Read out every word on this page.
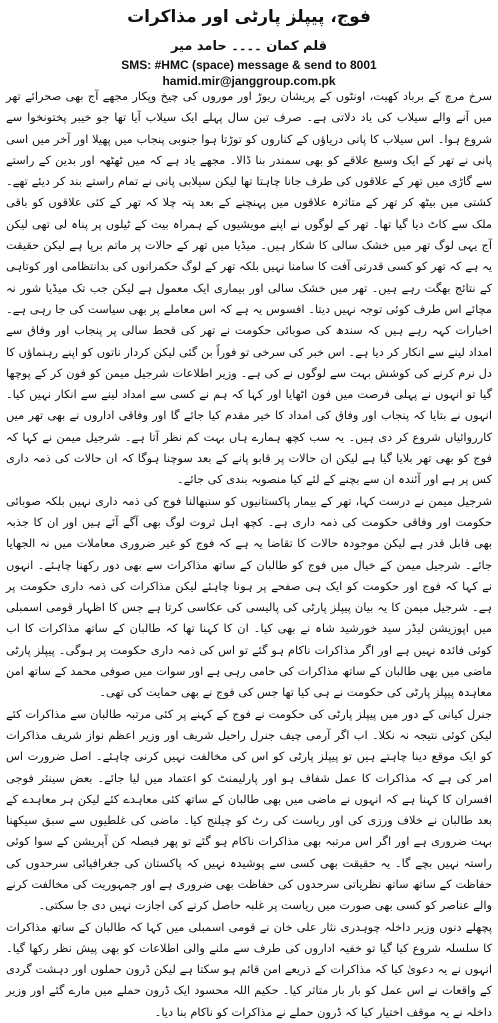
فوج، پیپلز پارٹی اور مذاکرات
قلم کمان ۔۔۔۔ حامد میر
SMS: #HMC (space) message & send to 8001
hamid.mir@janggroup.com.pk

سرخ مرچ کے برباد کھیت، اونٹوں کے پریشان ریوڑ اور موروں کی چیخ وپکار مجھے آج بھی صحرائے تھر میں آنے والے سیلاب کی یاد دلاتی ہے۔ صرف تین سال پہلے ایک سیلاب آیا تھا جو خیبر پختونخوا سے شروع ہوا۔ اس سیلاب کا پانی دریاؤں کے کناروں کو توڑتا ہوا جنوبی پنجاب میں پھیلا اور آخر میں اسی پانی نے تھر کے ایک وسیع علاقے کو بھی سمندر بنا ڈالا۔ مجھے یاد ہے کہ میں ٹھٹھہ اور بدین کے راستے سے گاڑی میں تھر کے علاقوں کی طرف جانا چاہتا تھا لیکن سیلابی پانی نے تمام راستے بند کر دیئے تھے۔ کشتی میں بیٹھ کر تھر کے متاثرہ علاقوں میں پہنچنے کے بعد پتہ چلا کہ تھر کے کئی علاقوں کو باقی ملک سے کاٹ دیا گیا تھا۔ تھر کے لوگوں نے اپنے مویشیوں کے ہمراہ بیت کے ٹیلوں پر پناہ لی تھی لیکن آج یہی لوگ تھر میں خشک سالی کا شکار ہیں۔ میڈیا میں تھر کے حالات پر ماتم برپا ہے لیکن حقیقت یہ ہے کہ تھر کو کسی قدرتی آفت کا سامنا نہیں بلکہ تھر کے لوگ حکمرانوں کی بدانتظامی اور کوتاہی کے نتائج بھگت رہے ہیں۔ تھر میں خشک سالی اور بیماری ایک معمول ہے لیکن جب تک میڈیا شور نہ مچائے اس طرف کوئی توجہ نہیں دیتا۔ افسوس یہ ہے کہ اس معاملے پر بھی سیاست کی جا رہی ہے۔ اخبارات کہہ رہے ہیں کہ سندھ کی صوبائی حکومت نے تھر کی قحط سالی پر پنجاب اور وفاق سے امداد لینے سے انکار کر دیا ہے۔ اس خبر کی سرخی تو فوراً بن گئی لیکن کردار ناتوں کو اپنے رہنماؤں کا دل نرم کرنے کی کوشش بہت سے لوگوں نے کی ہے۔ وزیر اطلاعات شرجیل میمن کو فون کر کے پوچھا گیا تو انہوں نے پہلی فرصت میں فون اٹھایا اور کہا کہ ہم نے کسی سے امداد لینے سے انکار نہیں کیا۔ انہوں نے بتایا کہ پنجاب اور وفاق کی امداد کا خیر مقدم کیا جائے گا اور وفاقی اداروں نے بھی تھر میں کارروائیاں شروع کر دی ہیں۔ یہ سب کچھ ہمارے ہاں بہت کم نظر آتا ہے۔ شرجیل میمن نے کہا کہ فوج کو بھی تھر بلایا گیا ہے لیکن ان حالات پر قابو پانے کے بعد سوچنا ہوگا کہ ان حالات کی ذمہ داری کس پر ہے اور آئندہ ان سے بچنے کے لئے کیا منصوبہ بندی کی جائے۔

شرجیل میمن نے درست کہا، تھر کے بیمار پاکستانیوں کو سنبھالنا فوج کی ذمہ داری نہیں بلکہ صوبائی حکومت اور وفاقی حکومت کی ذمہ داری ہے۔ کچھ اہل ثروت لوگ بھی آگے آئے ہیں اور ان کا جذبہ بھی قابل قدر ہے لیکن موجودہ حالات کا تقاضا یہ ہے کہ فوج کو غیر ضروری معاملات میں نہ الجھایا جائے۔ شرجیل میمن کے خیال میں فوج کو طالبان کے ساتھ مذاکرات سے بھی دور رکھنا چاہئے۔ انہوں نے کہا کہ فوج اور حکومت کو ایک ہی صفحے پر ہونا چاہئے لیکن مذاکرات کی ذمہ داری حکومت پر ہے۔ شرجیل میمن کا یہ بیان پیپلز پارٹی کی پالیسی کی عکاسی کرتا ہے جس کا اظہار قومی اسمبلی میں اپوزیشن لیڈر سید خورشید شاہ نے بھی کیا۔ ان کا کہنا تھا کہ طالبان کے ساتھ مذاکرات کا اب کوئی فائدہ نہیں ہے اور اگر مذاکرات ناکام ہو گئے تو اس کی ذمہ داری حکومت پر ہوگی۔ پیپلز پارٹی ماضی میں بھی طالبان کے ساتھ مذاکرات کی حامی رہی ہے اور سوات میں صوفی محمد کے ساتھ امن معاہدہ پیپلز پارٹی کی حکومت نے ہی کیا تھا جس کی فوج نے بھی حمایت کی تھی۔

جنرل کیانی کے دور میں پیپلز پارٹی کی حکومت نے فوج کے کہنے پر کئی مرتبہ طالبان سے مذاکرات کئے لیکن کوئی نتیجہ نہ نکلا۔ اب اگر آرمی چیف جنرل راحیل شریف اور وزیر اعظم نواز شریف مذاکرات کو ایک موقع دینا چاہتے ہیں تو پیپلز پارٹی کو اس کی مخالفت نہیں کرنی چاہئے۔ اصل ضرورت اس امر کی ہے کہ مذاکرات کا عمل شفاف ہو اور پارلیمنٹ کو اعتماد میں لیا جائے۔ بعض سینئر فوجی افسران کا کہنا ہے کہ انہوں نے ماضی میں بھی طالبان کے ساتھ کئی معاہدے کئے لیکن ہر معاہدے کے بعد طالبان نے خلاف ورزی کی اور ریاست کی رٹ کو چیلنج کیا۔ ماضی کی غلطیوں سے سبق سیکھنا بہت ضروری ہے اور اگر اس مرتبہ بھی مذاکرات ناکام ہو گئے تو پھر فیصلہ کن آپریشن کے سوا کوئی راستہ نہیں بچے گا۔ یہ حقیقت بھی کسی سے پوشیدہ نہیں کہ پاکستان کی جغرافیائی سرحدوں کی حفاظت کے ساتھ ساتھ نظریاتی سرحدوں کی حفاظت بھی ضروری ہے اور جمہوریت کی مخالفت کرنے والے عناصر کو کسی بھی صورت میں ریاست پر غلبہ حاصل کرنے کی اجازت نہیں دی جا سکتی۔

پچھلے دنوں وزیر داخلہ چوہدری نثار علی خان نے قومی اسمبلی میں کہا کہ طالبان کے ساتھ مذاکرات کا سلسلہ شروع کیا گیا تو خفیہ اداروں کی طرف سے ملنے والی اطلاعات کو بھی پیش نظر رکھا گیا۔ انہوں نے یہ دعویٰ کیا کہ مذاکرات کے ذریعے امن قائم ہو سکتا ہے لیکن ڈرون حملوں اور دہشت گردی کے واقعات نے اس عمل کو بار بار متاثر کیا۔ حکیم اللہ محسود ایک ڈرون حملے میں مارے گئے اور وزیر داخلہ نے یہ موقف اختیار کیا کہ ڈرون حملے نے مذاکرات کو ناکام بنا دیا۔
